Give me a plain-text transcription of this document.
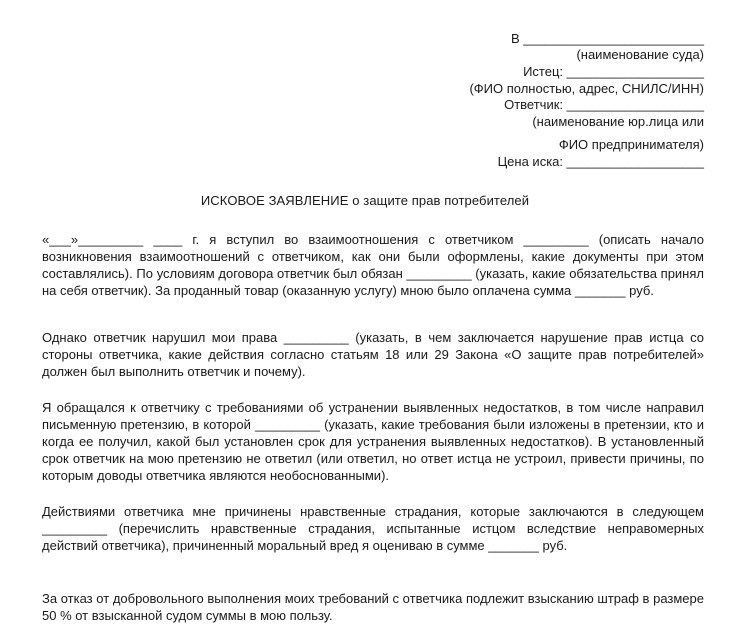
В _________________________
(наименование суда)
Истец: ___________________
(ФИО полностью, адрес, СНИЛС/ИНН)
Ответчик: ___________________
(наименование юр.лица или
ФИО предпринимателя)
Цена иска: ___________________
ИСКОВОЕ ЗАЯВЛЕНИЕ о защите прав потребителей

«___»_________ ____ г. я вступил во взаимоотношения с ответчиком _________ (описать начало возникновения взаимоотношений с ответчиком, как они были оформлены, какие документы при этом составлялись). По условиям договора ответчик был обязан _________ (указать, какие обязательства принял на себя ответчик). За проданный товар (оказанную услугу) мною было оплачена сумма _______ руб.

Однако ответчик нарушил мои права _________ (указать, в чем заключается нарушение прав истца со стороны ответчика, какие действия согласно статьям 18 или 29 Закона «О защите прав потребителей» должен был выполнить ответчик и почему).

Я обращался к ответчику с требованиями об устранении выявленных недостатков, в том числе направил письменную претензию, в которой _________ (указать, какие требования были изложены в претензии, кто и когда ее получил, какой был установлен срок для устранения выявленных недостатков). В установленный срок ответчик на мою претензию не ответил (или ответил, но ответ истца не устроил, привести причины, по которым доводы ответчика являются необоснованными).

Действиями ответчика мне причинены нравственные страдания, которые заключаются в следующем _________ (перечислить нравственные страдания, испытанные истцом вследствие неправомерных действий ответчика), причиненный моральный вред я оцениваю в сумме _______ руб.

За отказ от добровольного выполнения моих требований с ответчика подлежит взысканию штраф в размере 50 % от взысканной судом суммы в мою пользу.
